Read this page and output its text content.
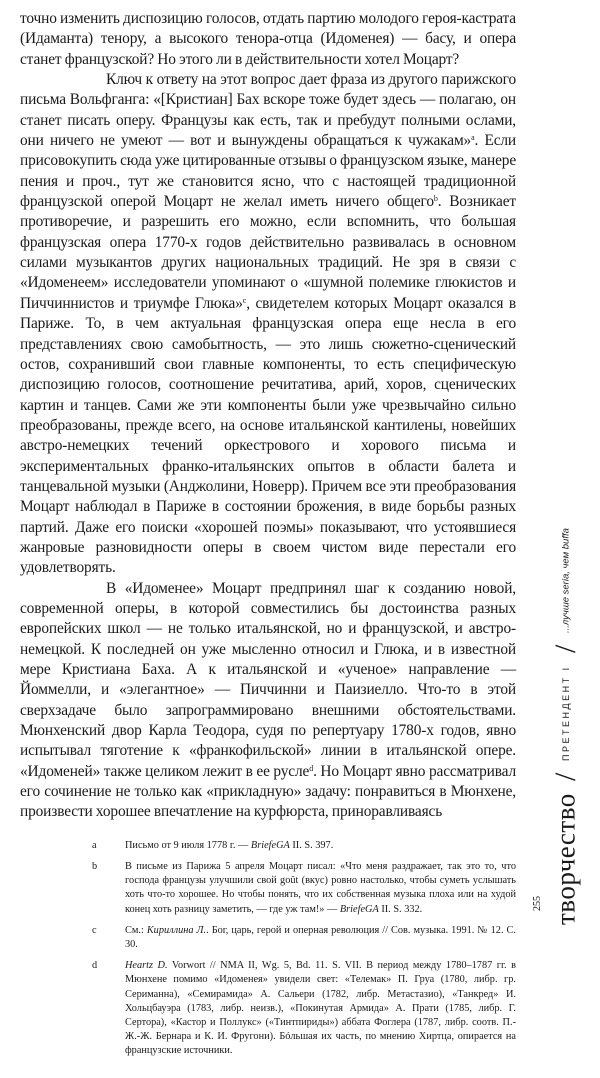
точно изменить диспозицию голосов, отдать партию молодого героя-кастрата (Идаманта) тенору, а высокого тенора-отца (Идоменея) — басу, и опера станет французской? Но этого ли в действительности хотел Моцарт?

Ключ к ответу на этот вопрос дает фраза из другого парижского письма Вольфганга: «[Кристиан] Бах вскоре тоже будет здесь — полагаю, он станет писать оперу. Французы как есть, так и пребудут полными ослами, они ничего не умеют — вот и вынуждены обращаться к чужакам»$^a$. Если присовокупить сюда уже цитированные отзывы о французском языке, манере пения и проч., тут же становится ясно, что с настоящей традиционной французской оперой Моцарт не желал иметь ничего общего$^b$. Возникает противоречие, и разрешить его можно, если вспомнить, что большая французская опера 1770-х годов действительно развивалась в основном силами музыкантов других национальных традиций. Не зря в связи с «Идоменеем» исследователи упоминают о «шумной полемике глюкистов и Пиччиннистов и триумфе Глюка»$^c$, свидетелем которых Моцарт оказался в Париже. То, в чем актуальная французская опера еще несла в его представлениях свою самобытность, — это лишь сюжетно-сценический остов, сохранивший свои главные компоненты, то есть специфическую диспозицию голосов, соотношение речитатива, арий, хоров, сценических картин и танцев. Сами же эти компоненты были уже чрезвычайно сильно преобразованы, прежде всего, на основе итальянской кантилены, новейших австро-немецких течений оркестрового и хорового письма и экспериментальных франко-итальянских опытов в области балета и танцевальной музыки (Анджолини, Новерр). Причем все эти преобразования Моцарт наблюдал в Париже в состоянии брожения, в виде борьбы разных партий. Даже его поиски «хорошей поэмы» показывают, что устоявшиеся жанровые разновидности оперы в своем чистом виде перестали его удовлетворять.

В «Идоменее» Моцарт предпринял шаг к созданию новой, современной оперы, в которой совместились бы достоинства разных европейских школ — не только итальянской, но и французской, и австро-немецкой. К последней он уже мысленно относил и Глюка, и в известной мере Кристиана Баха. А к итальянской и «ученое» направление — Йоммелли, и «элегантное» — Пиччинни и Паизиелло. Что-то в этой сверхзадаче было запрограммировано внешними обстоятельствами. Мюнхенский двор Карла Теодора, судя по репертуару 1780-х годов, явно испытывал тяготение к «франкофильской» линии в итальянской опере. «Идоменей» также целиком лежит в ее русле$^d$. Но Моцарт явно рассматривал его сочинение не только как «прикладную» задачу: понравиться в Мюнхене, произвести хорошее впечатление на курфюрста, приноравливаясь

a	Письмо от 9 июля 1778 г. — BriefeGA II. S. 397.
b	В письме из Парижа 5 апреля Моцарт писал: «Что меня раздражает, так это то, что господа французы улучшили свой goût (вкус) ровно настолько, чтобы суметь услышать хоть что-то хорошее. Но чтобы понять, что их собственная музыка плоха или на худой конец хоть разницу заметить, — где уж там!» — BriefeGA II. S. 332.
c	См.: Кириллина Л.. Бог, царь, герой и оперная революция // Сов. музыка. 1991. № 12. С. 30.
d	Heartz D. Vorwort // NMA II, Wg. 5, Bd. 11. S. VII. В период между 1780–1787 гг. в Мюнхене помимо «Идоменея» увидели свет: «Телемак» П. Груа (1780, либр. гр. Сериманна), «Семирамида» А. Сальери (1782, либр. Метастазио), «Танкред» И. Хольцбауэра (1783, либр. неизв.), «Покинутая Армида» А. Прати (1785, либр. Г. Сертора), «Кастор и Поллукс» («Тинтпириды») аббата Фоглера (1787, либр. соотв. П.-Ж.-Ж. Бернара и К. И. Фругони). Бóльшая их часть, по мнению Хиртца, опирается на французские источники.
творчество
/
ПРЕТЕНДЕНТ I
/
...лучше seria, чем buffa
255
